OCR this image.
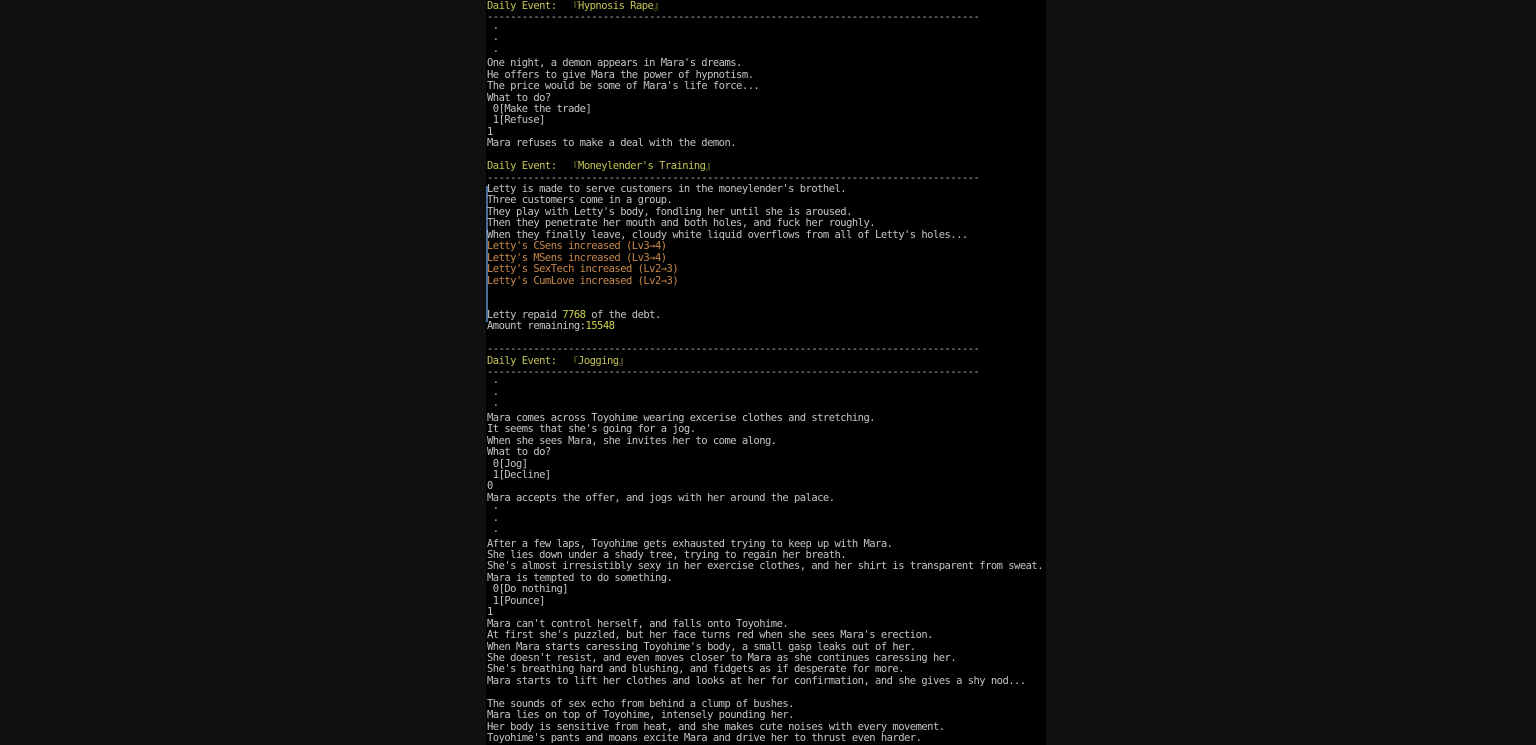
Daily Event:  『Hypnosis Rape』
-------------------------------------------------------------------------------------
·
·
·
One night, a demon appears in Mara's dreams.
He offers to give Mara the power of hypnotism.
The price would be some of Mara's life force...
What to do?
0[Make the trade]
1[Refuse]
1
Mara refuses to make a deal with the demon.
Daily Event:  『Moneylender's Training』
-------------------------------------------------------------------------------------
Letty is made to serve customers in the moneylender's brothel.
Three customers come in a group.
They play with Letty's body, fondling her until she is aroused.
Then they penetrate her mouth and both holes, and fuck her roughly.
When they finally leave, cloudy white liquid overflows from all of Letty's holes...
Letty's CSens increased (Lv3→4)
Letty's MSens increased (Lv3→4)
Letty's SexTech increased (Lv2→3)
Letty's CumLove increased (Lv2→3)
Letty repaid 7768 of the debt.
Amount remaining:15548
-------------------------------------------------------------------------------------
Daily Event:  『Jogging』
-------------------------------------------------------------------------------------
·
·
·
Mara comes across Toyohime wearing excerise clothes and stretching.
It seems that she's going for a jog.
When she sees Mara, she invites her to come along.
What to do?
0[Jog]
1[Decline]
0
Mara accepts the offer, and jogs with her around the palace.
·
·
·
After a few laps, Toyohime gets exhausted trying to keep up with Mara.
She lies down under a shady tree, trying to regain her breath.
She's almost irresistibly sexy in her exercise clothes, and her shirt is transparent from sweat.
Mara is tempted to do something.
0[Do nothing]
1[Pounce]
1
Mara can't control herself, and falls onto Toyohime.
At first she's puzzled, but her face turns red when she sees Mara's erection.
When Mara starts caressing Toyohime's body, a small gasp leaks out of her.
She doesn't resist, and even moves closer to Mara as she continues caressing her.
She's breathing hard and blushing, and fidgets as if desperate for more.
Mara starts to lift her clothes and looks at her for confirmation, and she gives a shy nod...
The sounds of sex echo from behind a clump of bushes.
Mara lies on top of Toyohime, intensely pounding her.
Her body is sensitive from heat, and she makes cute noises with every movement.
Toyohime's pants and moans excite Mara and drive her to thrust even harder.
